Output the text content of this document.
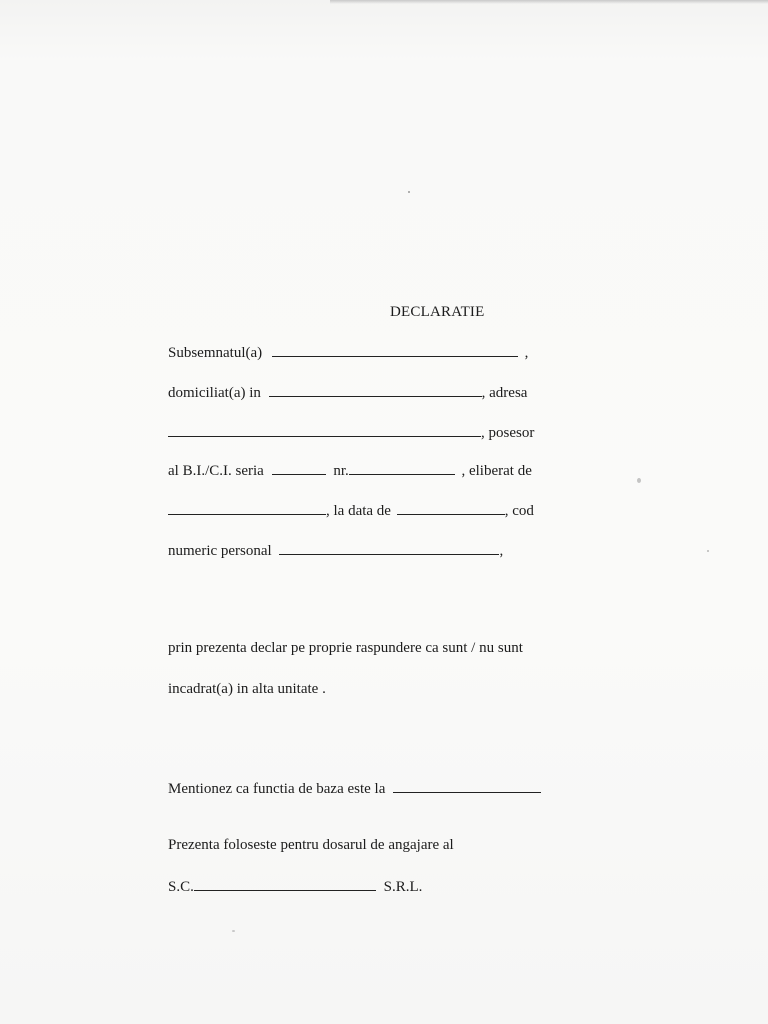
DECLARATIE
Subsemnatul(a)	,
domiciliat(a) in	, adresa
, posesor
al B.I./C.I. seria	nr.	, eliberat de
, la data de	, cod
numeric personal	,
prin prezenta declar pe proprie raspundere ca sunt / nu sunt
incadrat(a) in alta unitate .
Mentionez ca functia de baza este la
Prezenta foloseste pentru dosarul de angajare al
S.C.	S.R.L.
